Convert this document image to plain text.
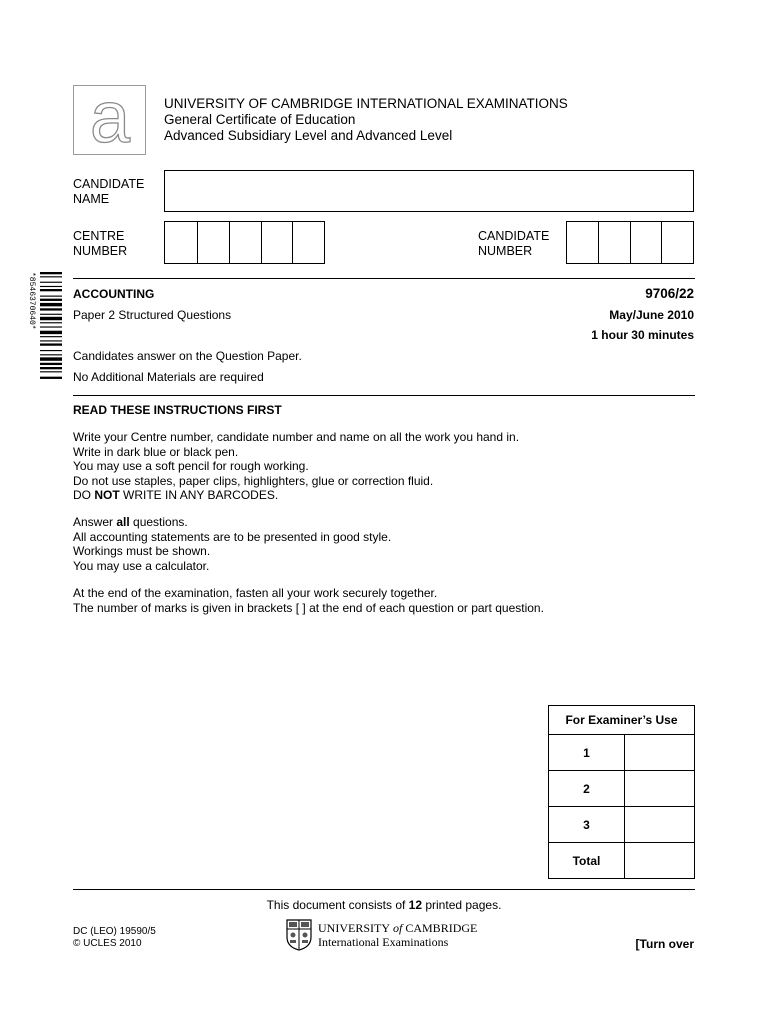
a	UNIVERSITY OF CAMBRIDGE INTERNATIONAL EXAMINATIONS
General Certificate of Education
Advanced Subsidiary Level and Advanced Level
CANDIDATE
NAME
CENTRE
NUMBER
CANDIDATE
NUMBER
*8546370640*	ACCOUNTING	9706/22
Paper 2 Structured Questions	May/June 2010
1 hour 30 minutes
Candidates answer on the Question Paper.
No Additional Materials are required
READ THESE INSTRUCTIONS FIRST
Write your Centre number, candidate number and name on all the work you hand in.
Write in dark blue or black pen.
You may use a soft pencil for rough working.
Do not use staples, paper clips, highlighters, glue or correction fluid.
DO NOT WRITE IN ANY BARCODES.
Answer all questions.
All accounting statements are to be presented in good style.
Workings must be shown.
You may use a calculator.
At the end of the examination, fasten all your work securely together.
The number of marks is given in brackets [ ] at the end of each question or part question.
For Examiner’s Use	
1	
2	
3	
Total	
This document consists of 12 printed pages.
DC (LEO) 19590/5
© UCLES 2010
UNIVERSITY of CAMBRIDGE
International Examinations	[Turn over
